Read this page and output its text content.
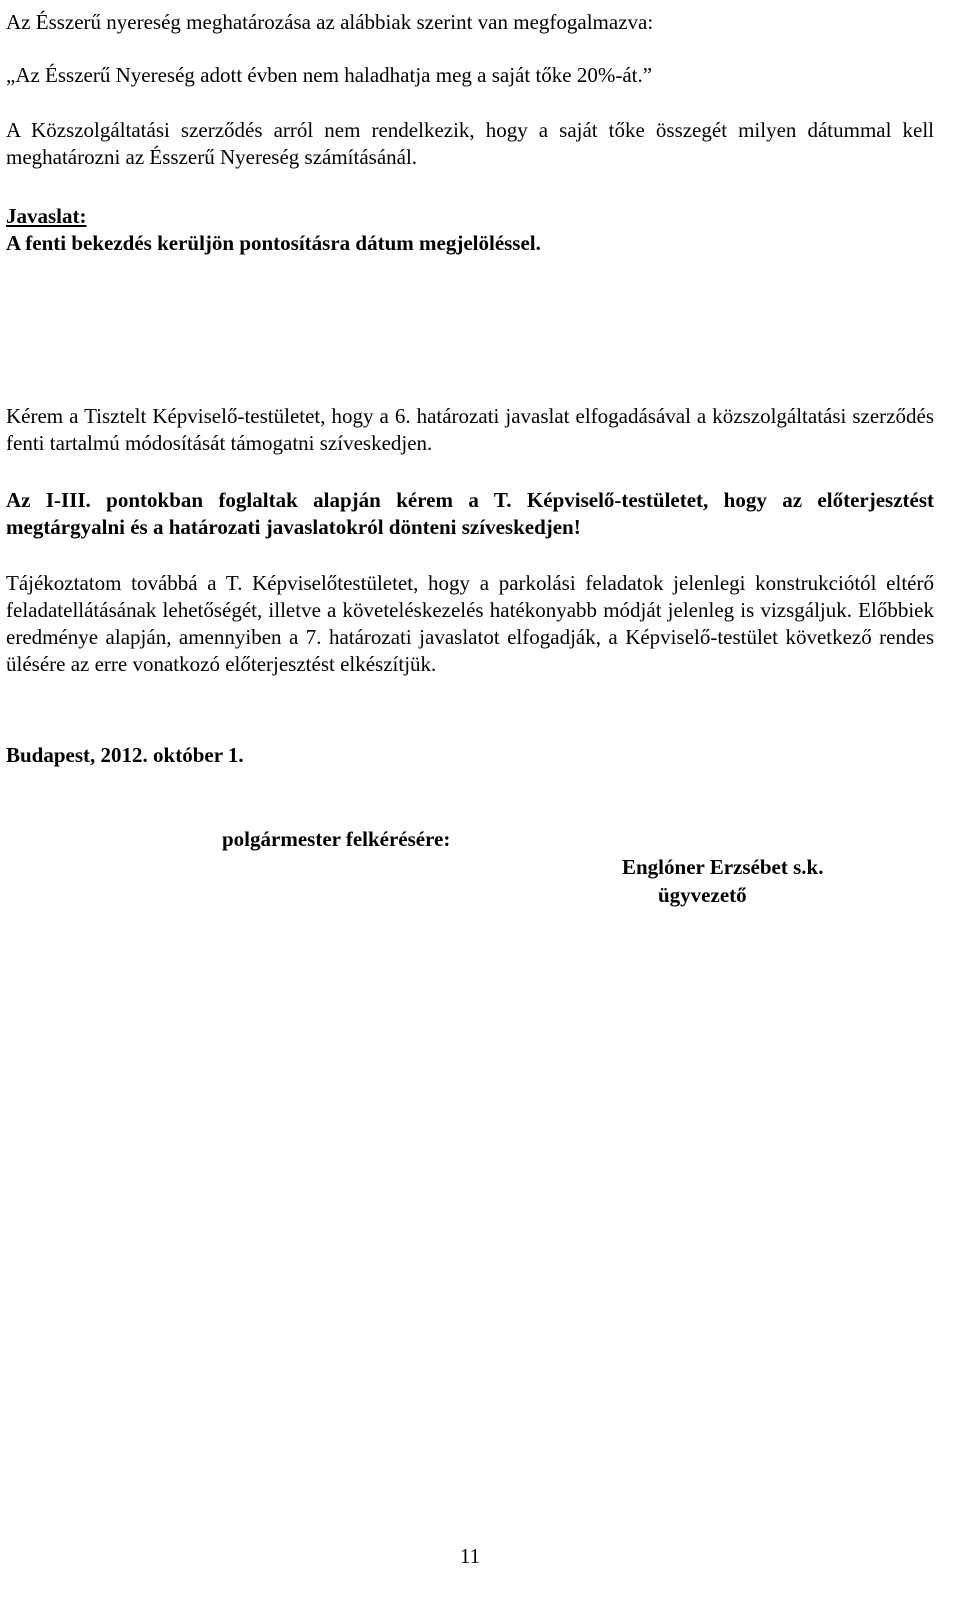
Az Ésszerű nyereség meghatározása az alábbiak szerint van megfogalmazva:
„Az Ésszerű Nyereség adott évben nem haladhatja meg a saját tőke 20%-át.”
A Közszolgáltatási szerződés arról nem rendelkezik, hogy a saját tőke összegét milyen dátummal kell meghatározni az Ésszerű Nyereség számításánál.
Javaslat:
A fenti bekezdés kerüljön pontosításra dátum megjelöléssel.
Kérem a Tisztelt Képviselő-testületet, hogy a 6. határozati javaslat elfogadásával a közszolgáltatási szerződés fenti tartalmú módosítását támogatni szíveskedjen.
Az I-III. pontokban foglaltak alapján kérem a T. Képviselő-testületet, hogy az előterjesztést megtárgyalni és a határozati javaslatokról dönteni szíveskedjen!
Tájékoztatom továbbá a T. Képviselőtestületet, hogy a parkolási feladatok jelenlegi konstrukciótól eltérő feladatellátásának lehetőségét, illetve a követeléskezelés hatékonyabb módját jelenleg is vizsgáljuk. Előbbiek eredménye alapján, amennyiben a 7. határozati javaslatot elfogadják, a Képviselő-testület következő rendes ülésére az erre vonatkozó előterjesztést elkészítjük.
Budapest, 2012. október 1.
polgármester felkérésére:
Englóner Erzsébet s.k.
ügyvezető
11
